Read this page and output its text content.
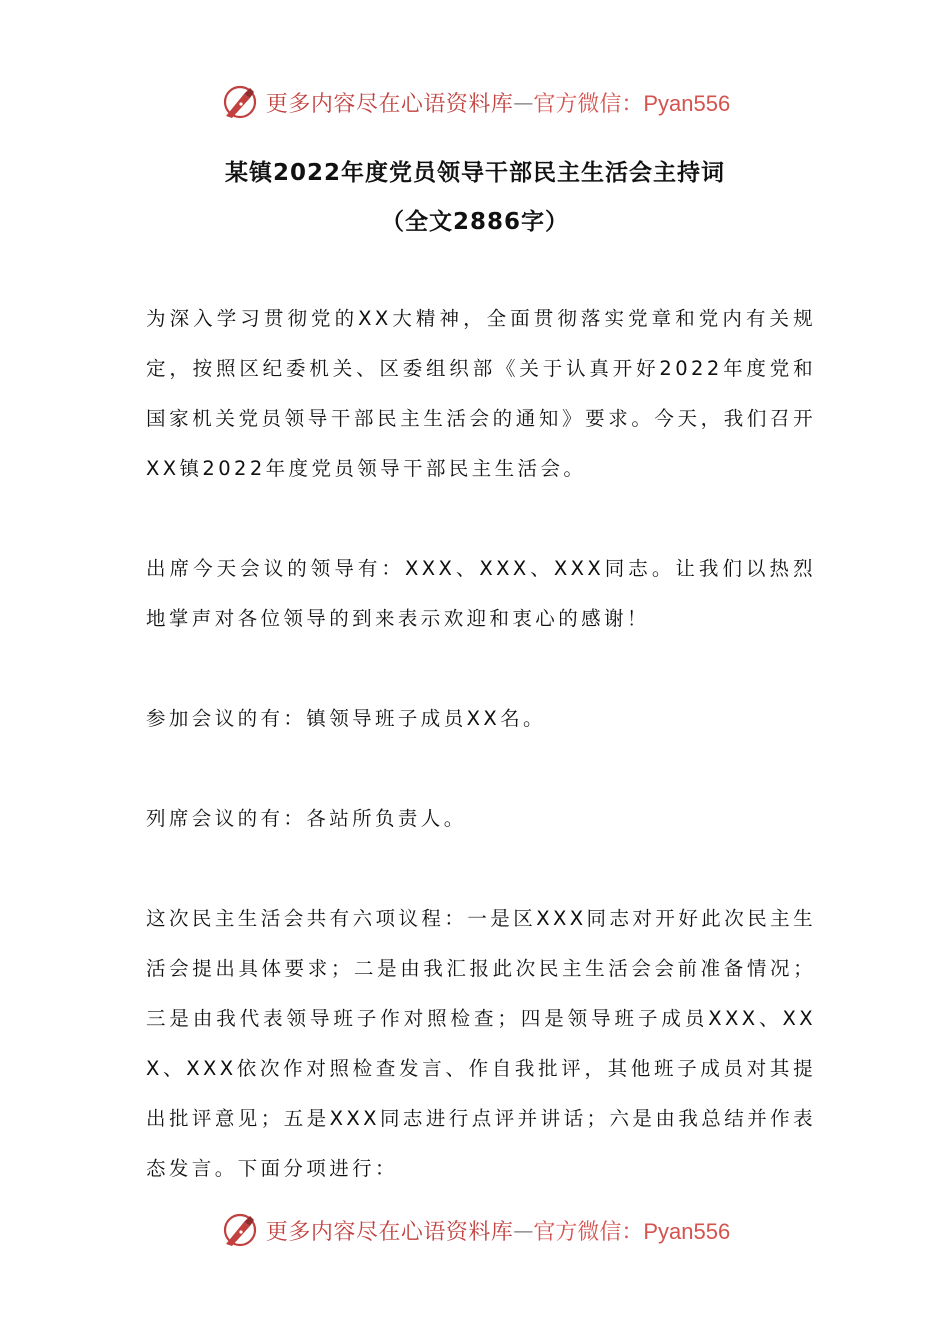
更多内容尽在心语资料库 — 官方微信：Pyan556
某镇2022年度党员领导干部民主生活会主持词
（全文2886字）

为深入学习贯彻党的XX大精神，全面贯彻落实党章和党内有关规定，按照区纪委机关、区委组织部《关于认真开好2022年度党和国家机关党员领导干部民主生活会的通知》要求。今天，我们召开XX镇2022年度党员领导干部民主生活会。

出席今天会议的领导有：XXX、XXX、XXX同志。让我们以热烈地掌声对各位领导的到来表示欢迎和衷心的感谢！

参加会议的有：镇领导班子成员XX名。

列席会议的有：各站所负责人。

这次民主生活会共有六项议程：一是区XXX同志对开好此次民主生活会提出具体要求；二是由我汇报此次民主生活会会前准备情况；三是由我代表领导班子作对照检查；四是领导班子成员XXX、XXX、XXX依次作对照检查发言、作自我批评，其他班子成员对其提出批评意见；五是XXX同志进行点评并讲话；六是由我总结并作表态发言。下面分项进行：

更多内容尽在心语资料库 — 官方微信：Pyan556
